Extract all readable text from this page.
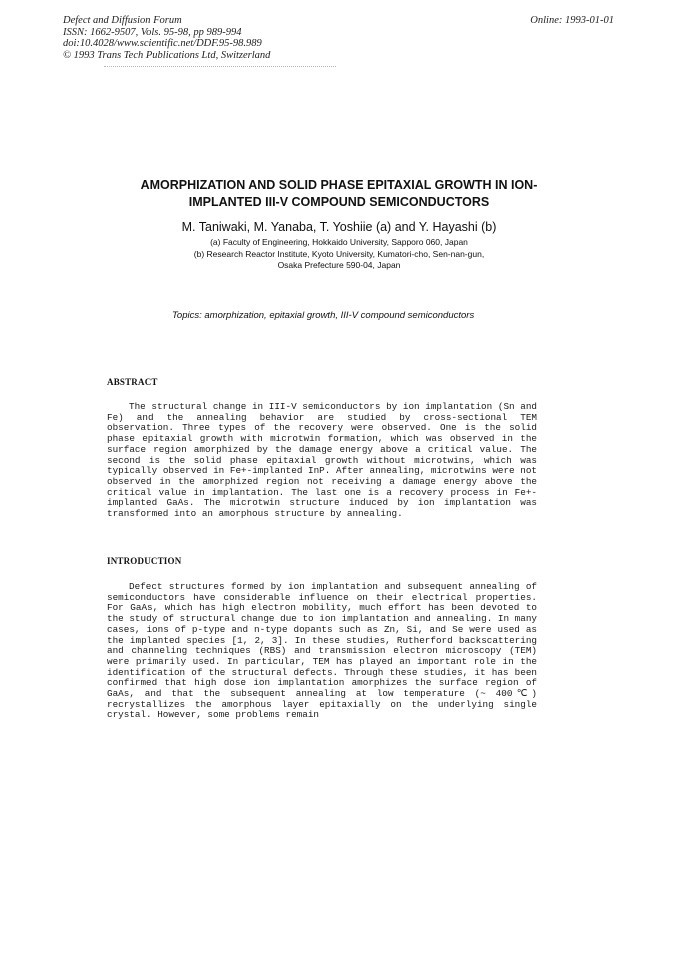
Defect and Diffusion Forum
ISSN: 1662-9507, Vols. 95-98, pp 989-994
doi:10.4028/www.scientific.net/DDF.95-98.989
© 1993 Trans Tech Publications Ltd, Switzerland
Online: 1993-01-01
AMORPHIZATION AND SOLID PHASE EPITAXIAL GROWTH IN ION-
IMPLANTED III-V COMPOUND SEMICONDUCTORS
M. Taniwaki, M. Yanaba, T. Yoshiie (a) and Y. Hayashi (b)
(a) Faculty of Engineering, Hokkaido University, Sapporo 060, Japan
(b) Research Reactor Institute, Kyoto University, Kumatori-cho, Sen-nan-gun,
Osaka Prefecture 590-04, Japan
Topics: amorphization, epitaxial growth, III-V compound semiconductors
ABSTRACT

The structural change in III-V semiconductors by ion implantation (Sn and Fe) and the annealing behavior are studied by cross-sectional TEM observation. Three types of the recovery were observed. One is the solid phase epitaxial growth with microtwin formation, which was observed in the surface region amorphized by the damage energy above a critical value. The second is the solid phase epitaxial growth without microtwins, which was typically observed in Fe+-implanted InP. After annealing, microtwins were not observed in the amorphized region not receiving a damage energy above the critical value in implantation. The last one is a recovery process in Fe+-implanted GaAs. The microtwin structure induced by ion implantation was transformed into an amorphous structure by annealing.

INTRODUCTION

Defect structures formed by ion implantation and subsequent annealing of semiconductors have considerable influence on their electrical properties. For GaAs, which has high electron mobility, much effort has been devoted to the study of structural change due to ion implantation and annealing. In many cases, ions of p-type and n-type dopants such as Zn, Si, and Se were used as the implanted species [1, 2, 3]. In these studies, Rutherford backscattering and channeling techniques (RBS) and transmission electron microscopy (TEM) were primarily used. In particular, TEM has played an important role in the identification of the structural defects. Through these studies, it has been confirmed that high dose ion implantation amorphizes the surface region of GaAs, and that the subsequent annealing at low temperature (~ 400℃) recrystallizes the amorphous layer epitaxially on the underlying single crystal. However, some problems remain
